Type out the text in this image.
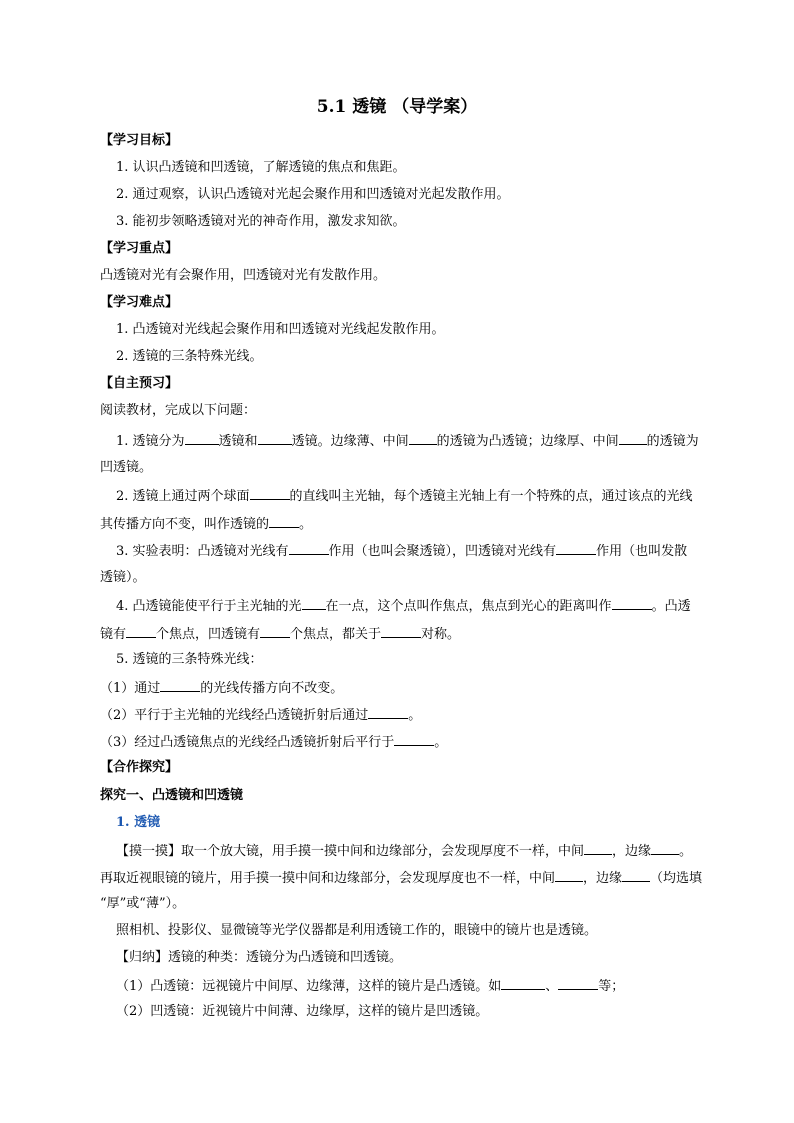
5.1 透镜 （导学案）
【学习目标】
1. 认识凸透镜和凹透镜，了解透镜的焦点和焦距。
2. 通过观察，认识凸透镜对光起会聚作用和凹透镜对光起发散作用。
3. 能初步领略透镜对光的神奇作用，激发求知欲。
【学习重点】
凸透镜对光有会聚作用，凹透镜对光有发散作用。
【学习难点】
1. 凸透镜对光线起会聚作用和凹透镜对光线起发散作用。
2. 透镜的三条特殊光线。
【自主预习】
阅读教材，完成以下问题：
1. 透镜分为	透镜和	透镜。边缘薄、中间 的透镜为凸透镜；边缘厚、中间 的透镜为
凹透镜。
2. 透镜上通过两个球面	的直线叫主光轴，每个透镜主光轴上有一个特殊的点，通过该点的光线
其传播方向不变，叫作透镜的 。
3. 实验表明：凸透镜对光线有	作用（也叫会聚透镜），凹透镜对光线有	作用（也叫发散
透镜）。
4. 凸透镜能使平行于主光轴的光 在一点，这个点叫作焦点，焦点到光心的距离叫作	。凸透
镜有 个焦点，凹透镜有 个焦点，都关于	对称。
5. 透镜的三条特殊光线：
（1）通过	的光线传播方向不改变。
（2）平行于主光轴的光线经凸透镜折射后通过	。
（3）经过凸透镜焦点的光线经凸透镜折射后平行于	。
【合作探究】
探究一、凸透镜和凹透镜
1. 透镜
【摸一摸】取一个放大镜，用手摸一摸中间和边缘部分，会发现厚度不一样，中间 ，边缘 。
再取近视眼镜的镜片，用手摸一摸中间和边缘部分，会发现厚度也不一样，中间 ，边缘 （均选填
“厚”或“薄”）。
照相机、投影仪、显微镜等光学仪器都是利用透镜工作的，眼镜中的镜片也是透镜。
【归纳】透镜的种类：透镜分为凸透镜和凹透镜。
（1）凸透镜：远视镜片中间厚、边缘薄，这样的镜片是凸透镜。如	、	等；
（2）凹透镜：近视镜片中间薄、边缘厚，这样的镜片是凹透镜。
